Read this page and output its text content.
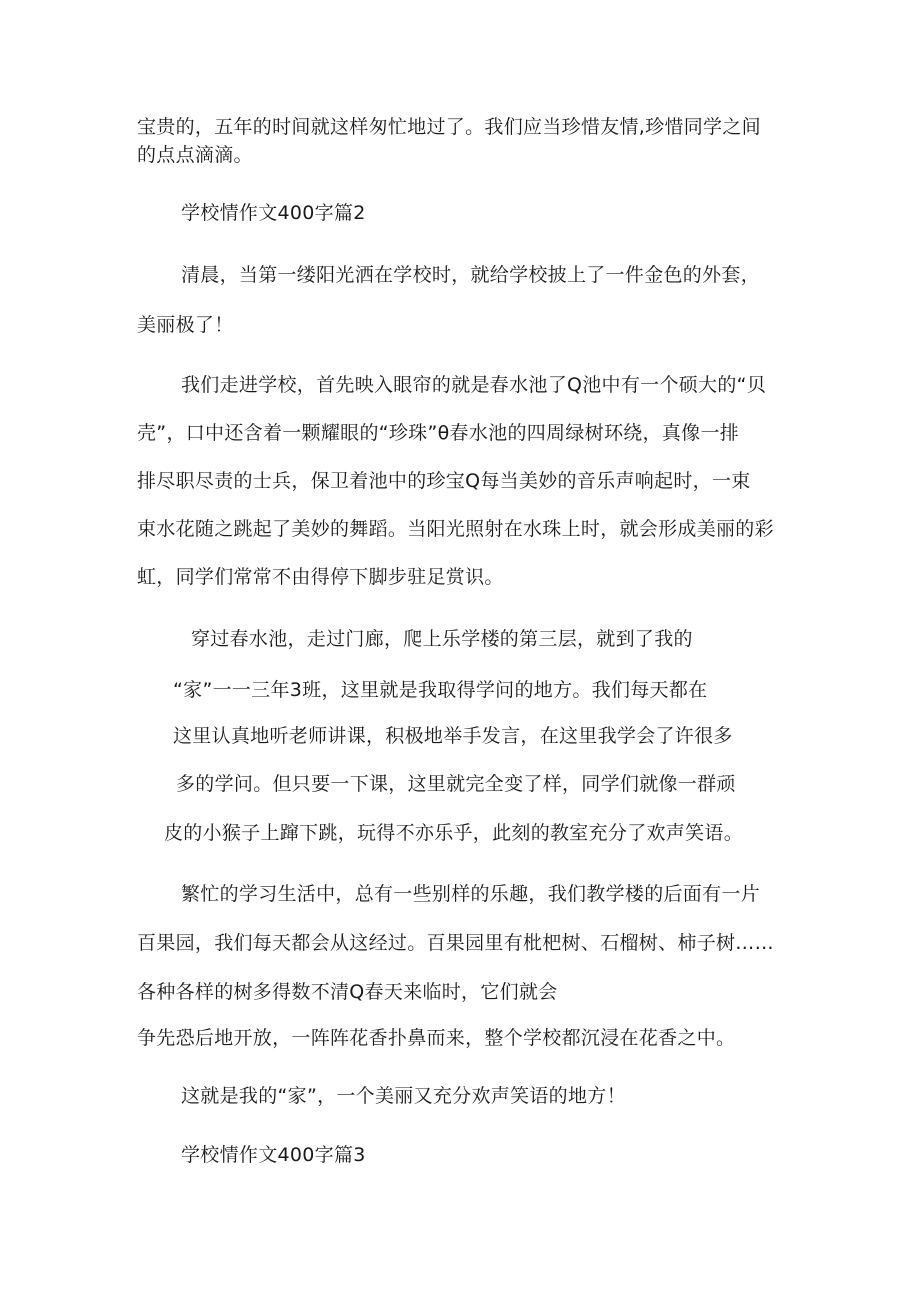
宝贵的，五年的时间就这样匆忙地过了。我们应当珍惜友情,珍惜同学之间
的点点滴滴。
学校情作文400字篇2
清晨，当第一缕阳光洒在学校时，就给学校披上了一件金色的外套，
美丽极了！
我们走进学校，首先映入眼帘的就是春水池了Q池中有一个硕大的“贝
壳”，口中还含着一颗耀眼的“珍珠”θ春水池的四周绿树环绕，真像一排
排尽职尽责的士兵，保卫着池中的珍宝Q每当美妙的音乐声响起时，一束
束水花随之跳起了美妙的舞蹈。当阳光照射在水珠上时，就会形成美丽的彩
虹，同学们常常不由得停下脚步驻足赏识。
穿过春水池，走过门廊，爬上乐学楼的第三层，就到了我的
“家”一一三年3班，这里就是我取得学问的地方。我们每天都在
这里认真地听老师讲课，积极地举手发言，在这里我学会了许很多
多的学问。但只要一下课，这里就完全变了样，同学们就像一群顽
皮的小猴子上蹿下跳，玩得不亦乐乎，此刻的教室充分了欢声笑语。
繁忙的学习生活中，总有一些别样的乐趣，我们教学楼的后面有一片
百果园，我们每天都会从这经过。百果园里有枇杷树、石榴树、柿子树……
各种各样的树多得数不清Q春天来临时，它们就会
争先恐后地开放，一阵阵花香扑鼻而来，整个学校都沉浸在花香之中。
这就是我的“家”，一个美丽又充分欢声笑语的地方！
学校情作文400字篇3
